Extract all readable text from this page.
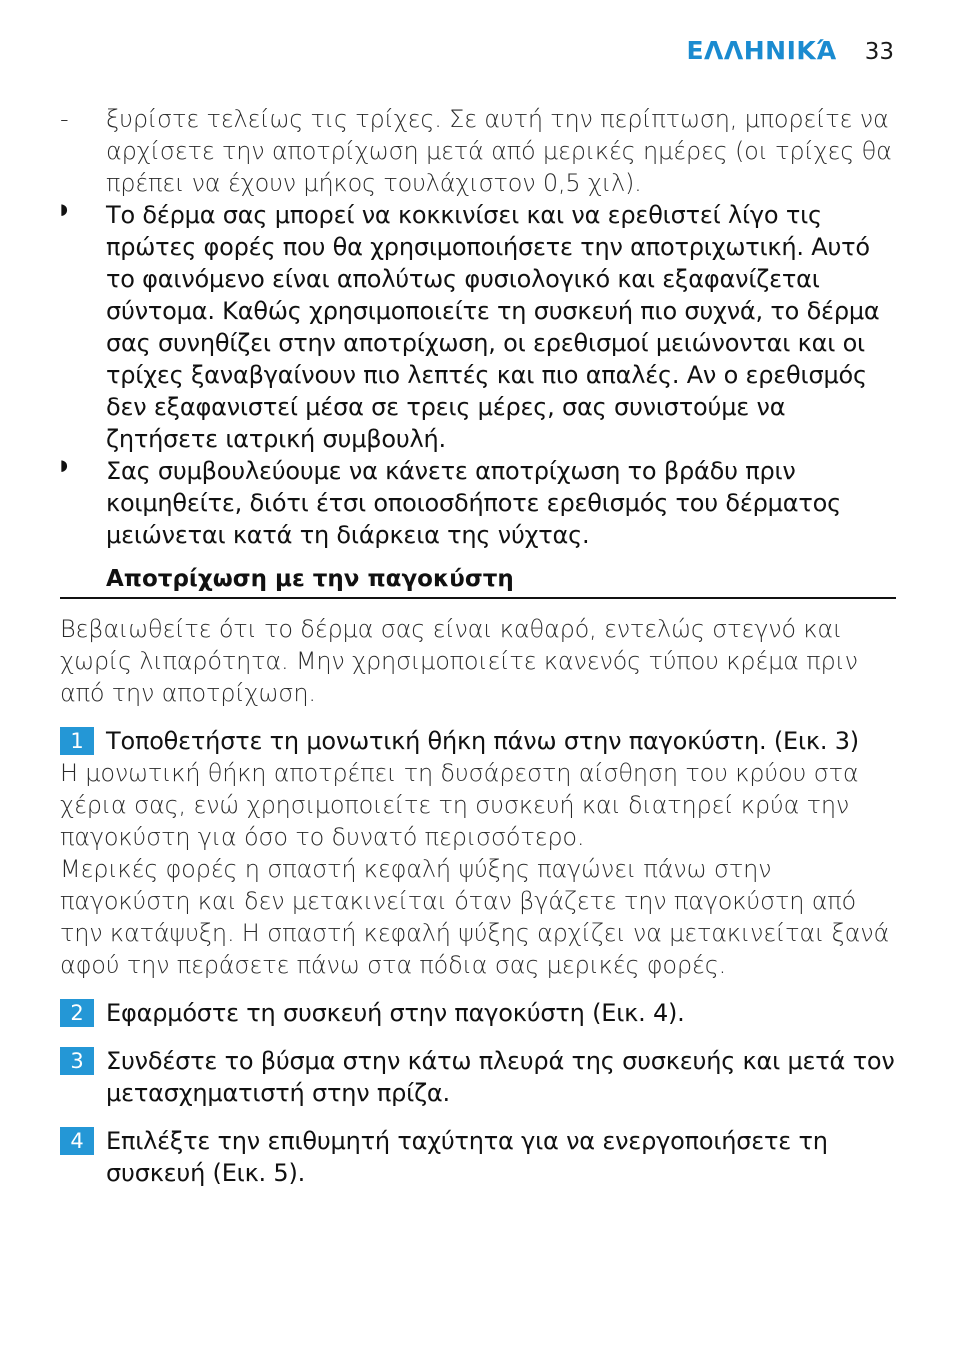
ΕΛΛΗΝΙΚΆ 33
-	ξυρίστε τελείως τις τρίχες. Σε αυτή την περίπτωση, μπορείτε να αρχίσετε την αποτρίχωση μετά από μερικές ημέρες (οι τρίχες θα πρέπει να έχουν μήκος τουλάχιστον 0,5 χιλ).

◗	Το δέρμα σας μπορεί να κοκκινίσει και να ερεθιστεί λίγο τις πρώτες φορές που θα χρησιμοποιήσετε την αποτριχωτική. Αυτό το φαινόμενο είναι απολύτως φυσιολογικό και εξαφανίζεται σύντομα. Καθώς χρησιμοποιείτε τη συσκευή πιο συχνά, το δέρμα σας συνηθίζει στην αποτρίχωση, οι ερεθισμοί μειώνονται και οι τρίχες ξαναβγαίνουν πιο λεπτές και πιο απαλές. Αν ο ερεθισμός δεν εξαφανιστεί μέσα σε τρεις μέρες, σας συνιστούμε να ζητήσετε ιατρική συμβουλή.

◗	Σας συμβουλεύουμε να κάνετε αποτρίχωση το βράδυ πριν κοιμηθείτε, διότι έτσι οποιοσδήποτε ερεθισμός του δέρματος μειώνεται κατά τη διάρκεια της νύχτας.

Αποτρίχωση με την παγοκύστη

Βεβαιωθείτε ότι το δέρμα σας είναι καθαρό, εντελώς στεγνό και χωρίς λιπαρότητα. Μην χρησιμοποιείτε κανενός τύπου κρέμα πριν από την αποτρίχωση.

1 Τοποθετήστε τη μονωτική θήκη πάνω στην παγοκύστη. (Εικ. 3)

Η μονωτική θήκη αποτρέπει τη δυσάρεστη αίσθηση του κρύου στα χέρια σας, ενώ χρησιμοποιείτε τη συσκευή και διατηρεί κρύα την παγοκύστη για όσο το δυνατό περισσότερο.

Μερικές φορές η σπαστή κεφαλή ψύξης παγώνει πάνω στην παγοκύστη και δεν μετακινείται όταν βγάζετε την παγοκύστη από την κατάψυξη. Η σπαστή κεφαλή ψύξης αρχίζει να μετακινείται ξανά αφού την περάσετε πάνω στα πόδια σας μερικές φορές.

2 Εφαρμόστε τη συσκευή στην παγοκύστη (Εικ. 4).

3 Συνδέστε το βύσμα στην κάτω πλευρά της συσκευής και μετά τον μετασχηματιστή στην πρίζα.

4 Επιλέξτε την επιθυμητή ταχύτητα για να ενεργοποιήσετε τη συσκευή (Εικ. 5).
